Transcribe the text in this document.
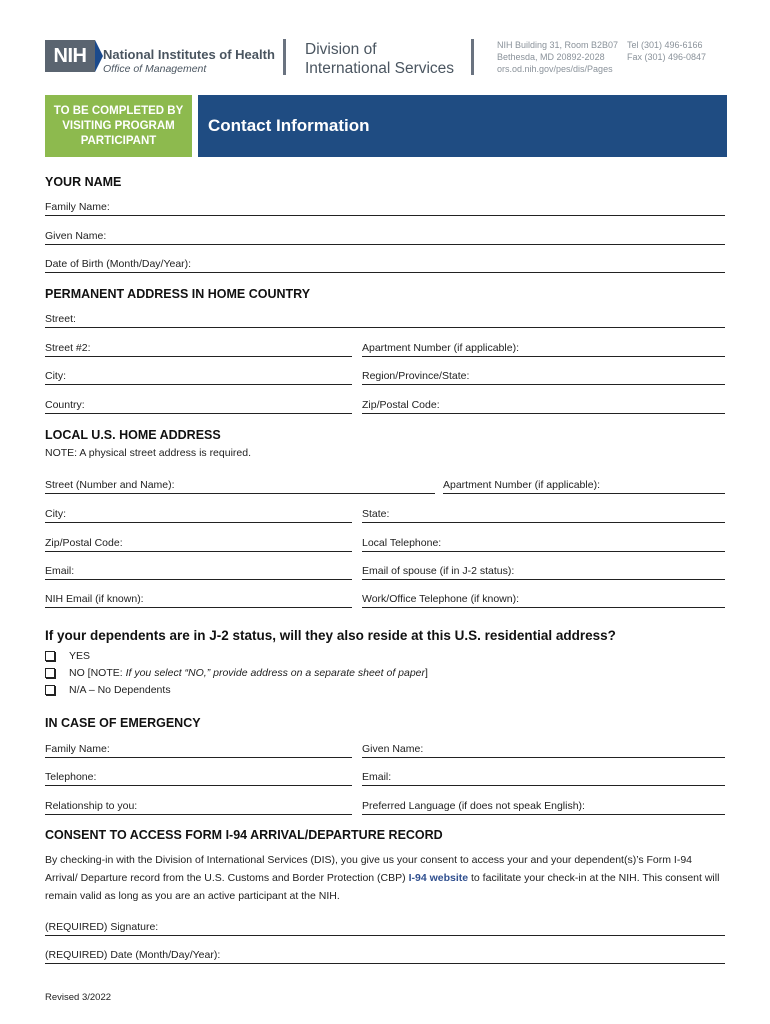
NIH National Institutes of Health
Office of Management
Division of
International Services
NIH Building 31, Room B2B07
Bethesda, MD 20892-2028
ors.od.nih.gov/pes/dis/Pages
Tel (301) 496-6166
Fax (301) 496-0847
TO BE COMPLETED BY VISITING PROGRAM PARTICIPANT
Contact Information
YOUR NAME
Family Name:
Given Name:
Date of Birth (Month/Day/Year):
PERMANENT ADDRESS IN HOME COUNTRY
Street:
Street #2:	Apartment Number (if applicable):
City:	Region/Province/State:
Country:	Zip/Postal Code:
LOCAL U.S. HOME ADDRESS
NOTE: A physical street address is required.
Street (Number and Name):	Apartment Number (if applicable):
City:	State:
Zip/Postal Code:	Local Telephone:
Email:	Email of spouse (if in J-2 status):
NIH Email (if known):	Work/Office Telephone (if known):
If your dependents are in J-2 status, will they also reside at this U.S. residential address?
YES
NO [NOTE: If you select “NO,” provide address on a separate sheet of paper]
N/A – No Dependents
IN CASE OF EMERGENCY
Family Name:	Given Name:
Telephone:	Email:
Relationship to you:	Preferred Language (if does not speak English):
CONSENT TO ACCESS FORM I-94 ARRIVAL/DEPARTURE RECORD
By checking-in with the Division of International Services (DIS), you give us your consent to access your and your dependent(s)’s Form I-94 Arrival/ Departure record from the U.S. Customs and Border Protection (CBP) I-94 website to facilitate your check-in at the NIH. This consent will remain valid as long as you are an active participant at the NIH.
(REQUIRED) Signature:
(REQUIRED) Date (Month/Day/Year):
Revised 3/2022
